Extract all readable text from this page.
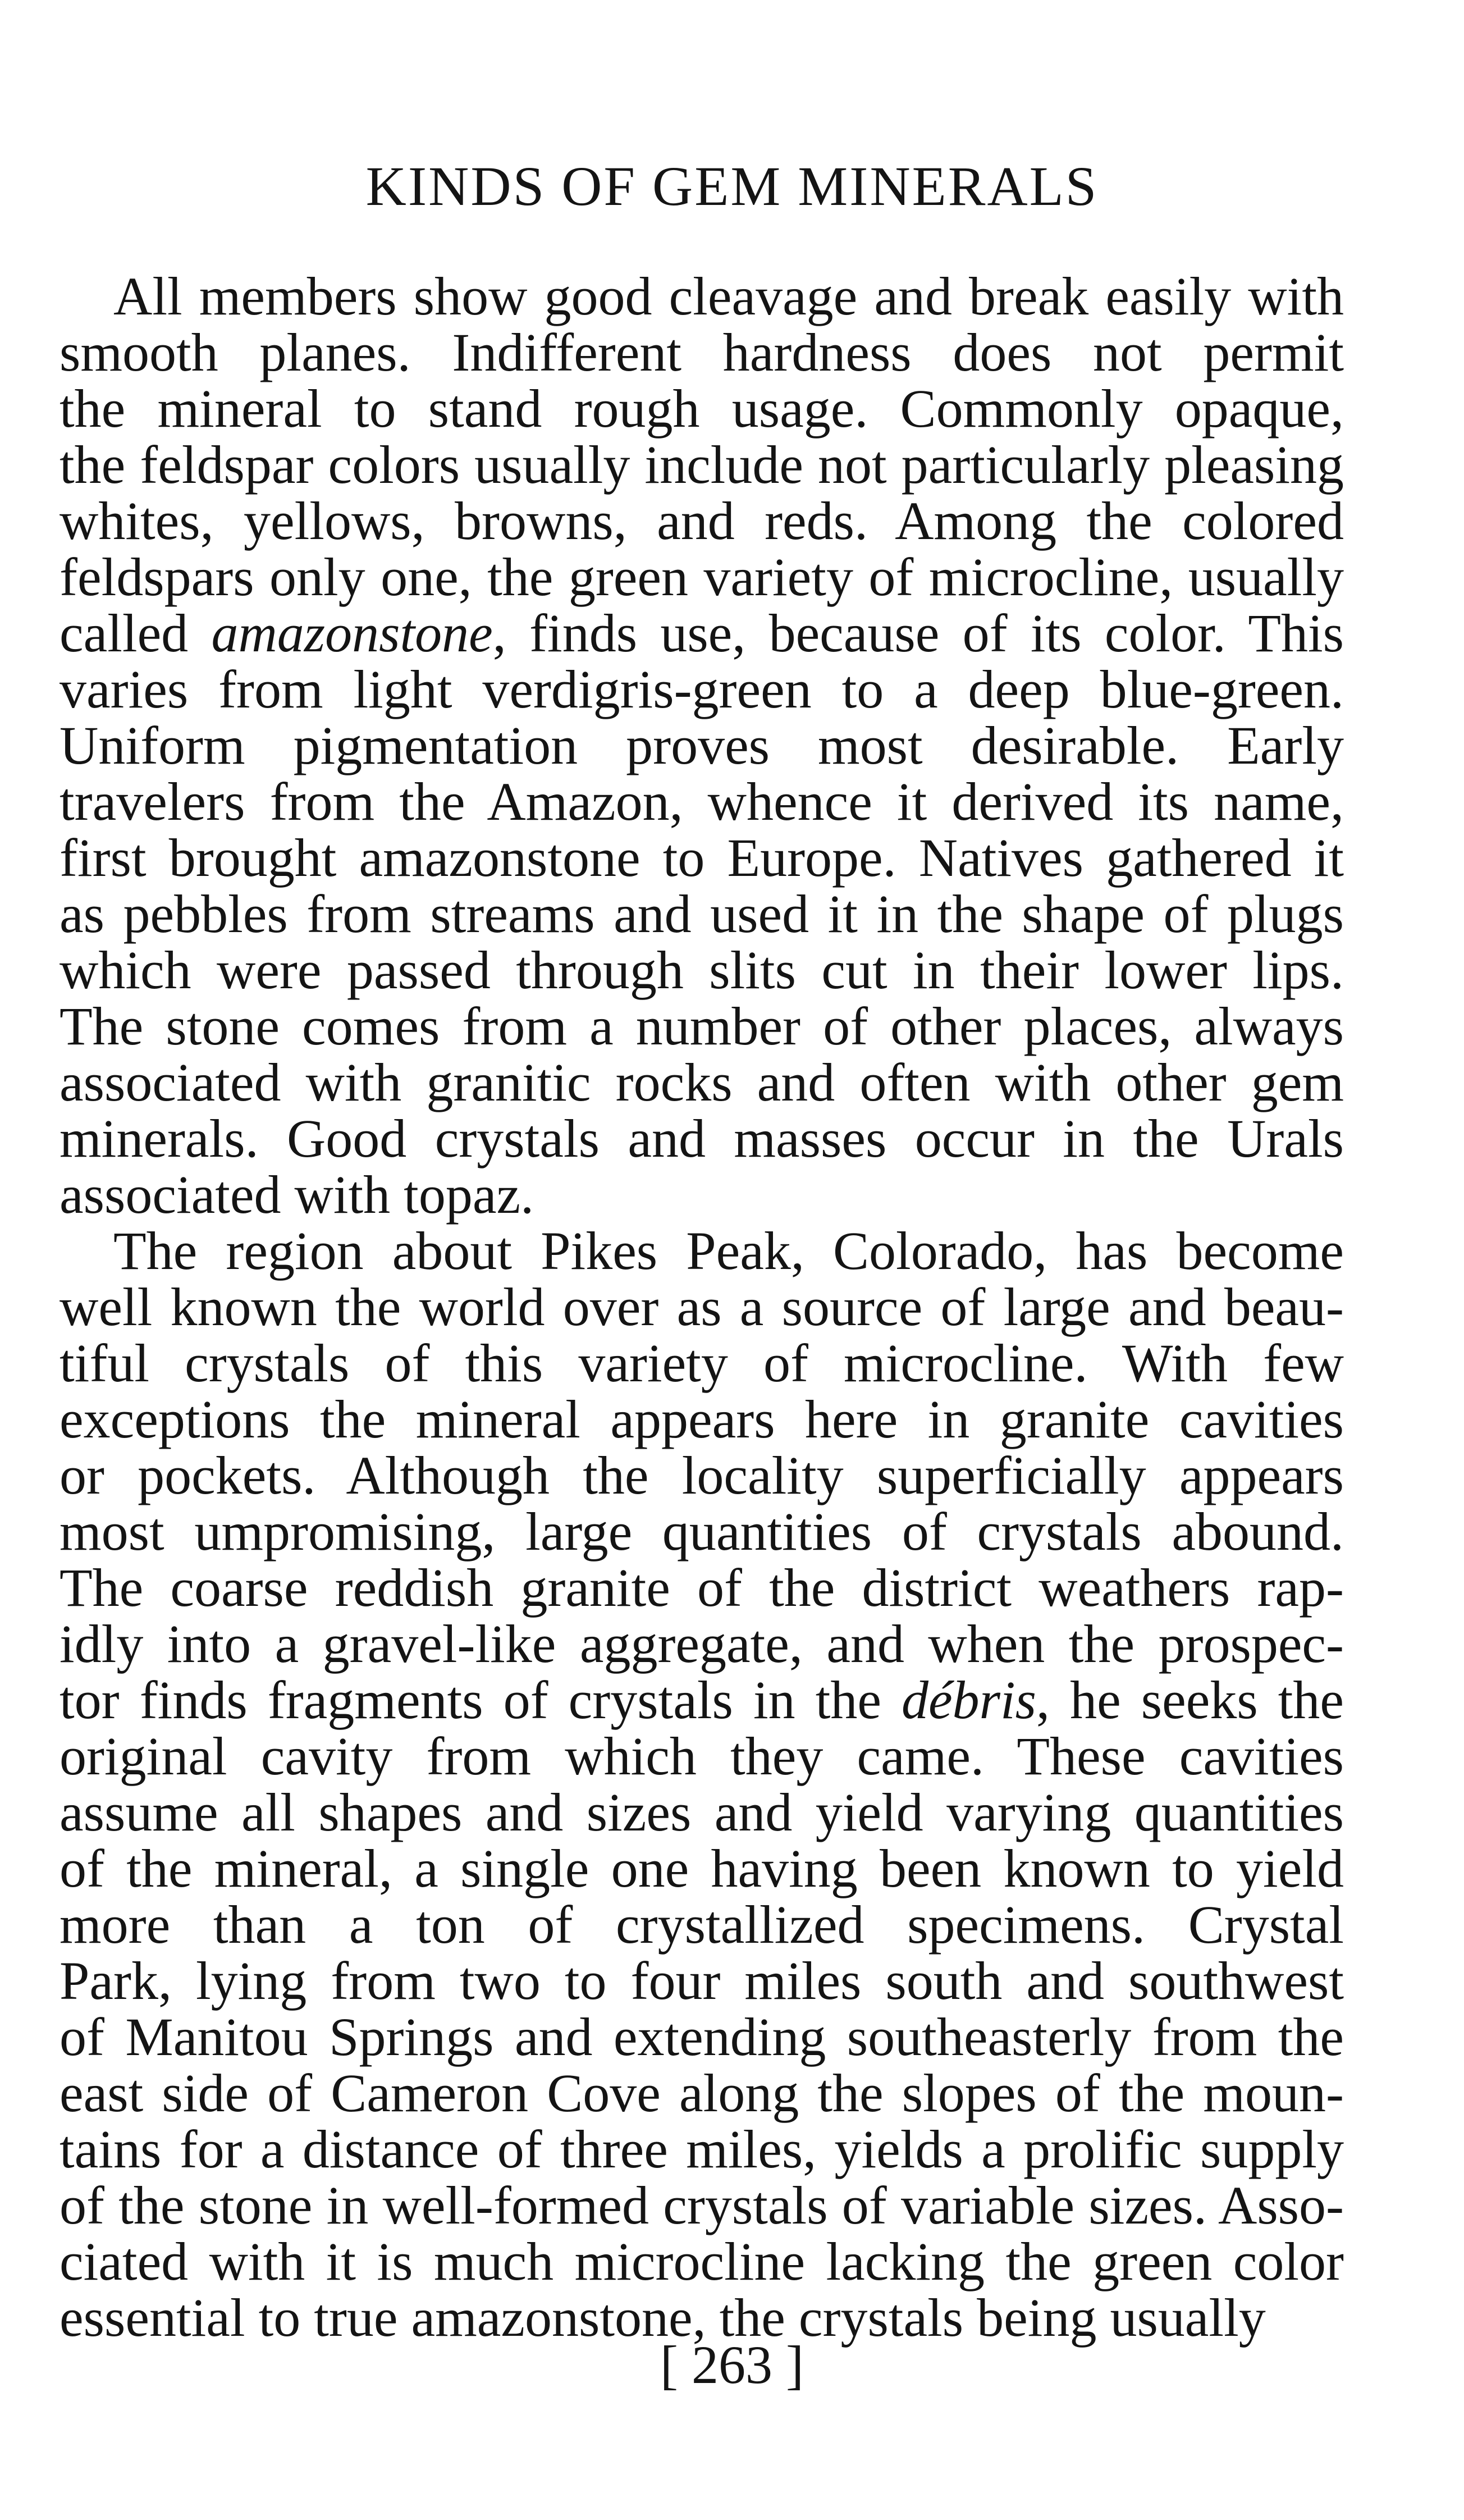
KINDS OF GEM MINERALS
All members show good cleavage and break easily with
smooth planes. Indifferent hardness does not permit
the mineral to stand rough usage. Commonly opaque,
the feldspar colors usually include not particularly pleasing
whites, yellows, browns, and reds. Among the colored
feldspars only one, the green variety of microcline, usually
called amazonstone, finds use, because of its color. This
varies from light verdigris-green to a deep blue-green.
Uniform pigmentation proves most desirable. Early
travelers from the Amazon, whence it derived its name,
first brought amazonstone to Europe. Natives gathered it
as pebbles from streams and used it in the shape of plugs
which were passed through slits cut in their lower lips.
The stone comes from a number of other places, always
associated with granitic rocks and often with other gem
minerals. Good crystals and masses occur in the Urals
associated with topaz.
The region about Pikes Peak, Colorado, has become
well known the world over as a source of large and beau-
tiful crystals of this variety of microcline. With few
exceptions the mineral appears here in granite cavities
or pockets. Although the locality superficially appears
most umpromising, large quantities of crystals abound.
The coarse reddish granite of the district weathers rap-
idly into a gravel-like aggregate, and when the prospec-
tor finds fragments of crystals in the débris, he seeks the
original cavity from which they came. These cavities
assume all shapes and sizes and yield varying quantities
of the mineral, a single one having been known to yield
more than a ton of crystallized specimens. Crystal
Park, lying from two to four miles south and southwest
of Manitou Springs and extending southeasterly from the
east side of Cameron Cove along the slopes of the moun-
tains for a distance of three miles, yields a prolific supply
of the stone in well-formed crystals of variable sizes. Asso-
ciated with it is much microcline lacking the green color
essential to true amazonstone, the crystals being usually
[ 263 ]
